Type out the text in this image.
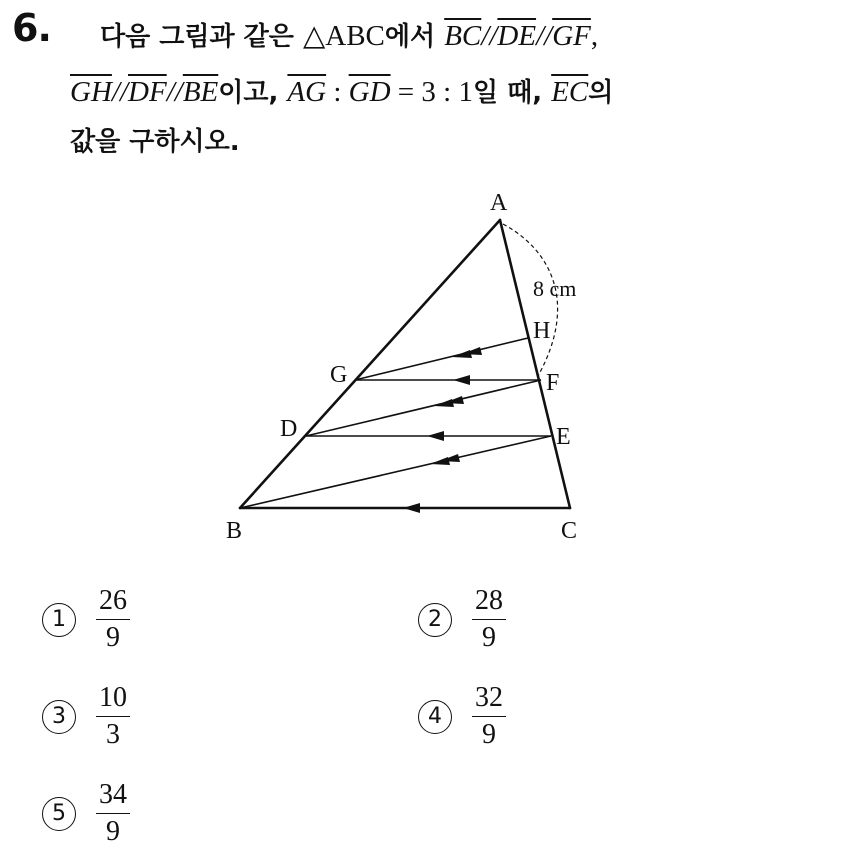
6. 다음 그림과 같은 △ABC에서 $\overline{BC}//\overline{DE}//\overline{GF}$,
$\overline{GH}//\overline{DF}//\overline{BE}$이고, $\overline{AG}$ : $\overline{GD} = 3$ : 1일 때, $\overline{EC}$의
값을 구하시오.
A
B	C
D	E
F
G
H
8 cm
1	$\frac{26}{9}$	2	$\frac{28}{9}$
3	$\frac{10}{3}$	4	$\frac{32}{9}$
5	$\frac{34}{9}$
